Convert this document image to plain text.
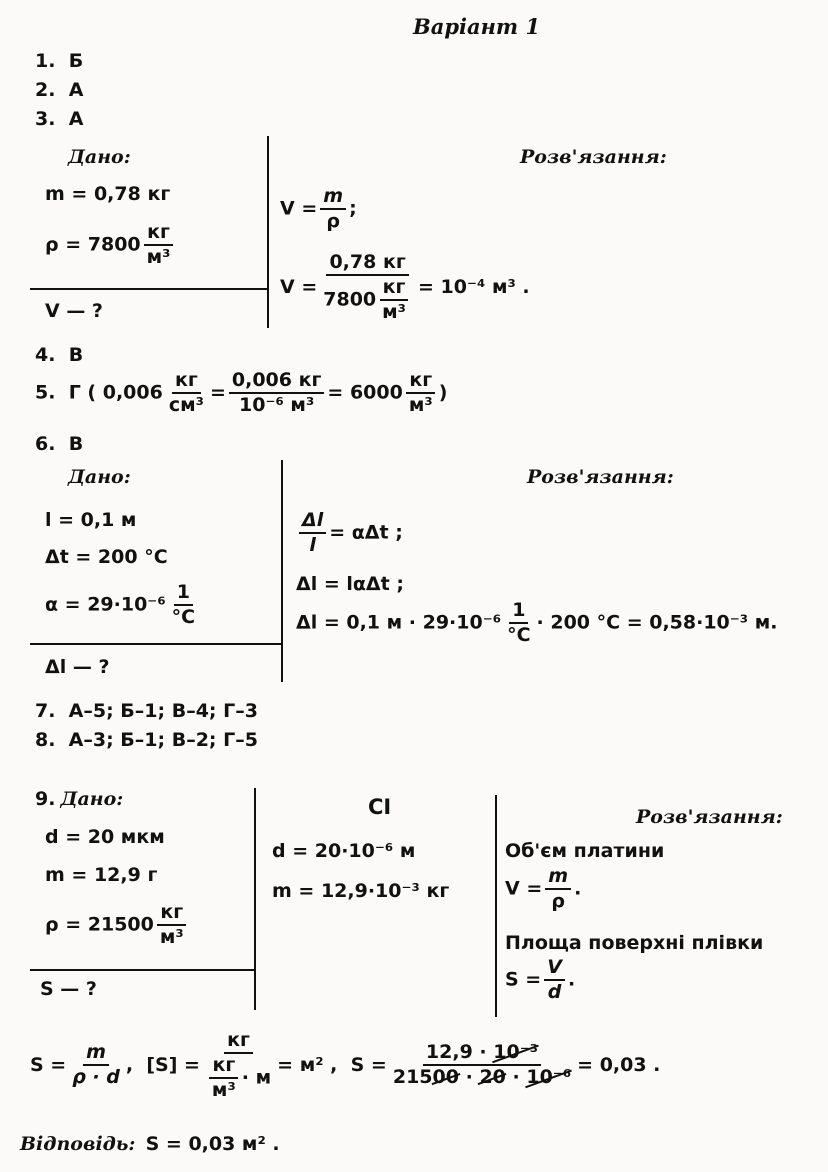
Варіант 1
1. Б
2. А
3. А
Дано:	Розв'язання:
m = 0,78 кг
$\rho = 7800 \frac{кг}{\text{м³}}$
V — ?
$V = \frac{m}{\rho}$ ;
$V = \frac{0,78 кг}{7800 \frac{кг}{\text{м³}}} = 10^{-4}$ м³ .
4. В
5. Г ( $0,006 \frac{кг}{\text{см³}} = \frac{0,006 кг}{\text{10⁻⁶ м³}} = 6000 \frac{кг}{\text{м³}}$ )
6. В
Дано:	Розв'язання:
l = 0,1 м
Δt = 200 °C
$\alpha = 29\cdot 10^{-6} \frac{1}{^\circ C}$
Δl — ?
$\frac{\Delta l}{l} = \alpha\Delta t$ ;
Δl = lαΔt ;
Δl = 0,1 $м \cdot 29\cdot 10^{-6} \frac{1}{^\circ C} \cdot 200$ °C = 0,58·10⁻³ м.
7.  А–5; Б–1; В–4; Г–3
8.  А–3; Б–1; В–2; Г–5
9. Дано:
d = 20 мкм
m = 12,9 г
$\rho = 21500 \frac{кг}{\text{м³}}$
S — ?
СІ
d = 20·10⁻⁶ м
m = 12,9·10⁻³ кг
Розв'язання:
Об'єм платини
$V = \frac{m}{\rho}$ .
Площа поверхні плівки
$S = \frac{V}{d}$ .
$S = \frac{m}{\rho \cdot d}$ , $[S] = \frac{кг}{\frac{кг}{\text{м³}} \cdot м} = м^2$ , $S = \frac{\text{12,9 · 10⁻³}}{\text{21500 · 20 · 10⁻⁶}} = 0,03$ .
Відповідь: S = 0,03 м² .
